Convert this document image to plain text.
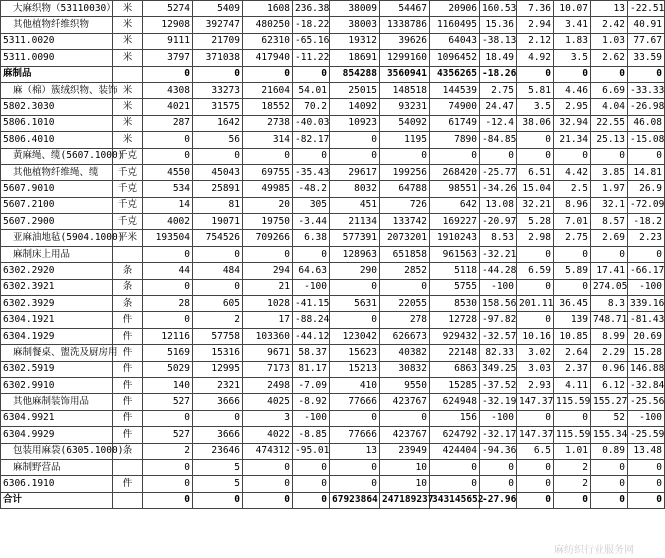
大麻织物（53110030）	米	5274	5409	1608	236.38	38009	54467	20906	160.53	7.36	10.07	13	-22.51
其他植物纤维织物	米	12908	392747	480250	-18.22	38003	1338786	1160495	15.36	2.94	3.41	2.42	40.91
5311.0020	米	9111	21709	62310	-65.16	19312	39626	64043	-38.13	2.12	1.83	1.03	77.67
5311.0090	米	3797	371038	417940	-11.22	18691	1299160	1096452	18.49	4.92	3.5	2.62	33.59
麻制品		0	0	0	0	854288	3560941	4356265	-18.26	0	0	0	0
麻（棉）簇绒织物、装饰	米	4308	33273	21604	54.01	25015	148518	144539	2.75	5.81	4.46	6.69	-33.33
5802.3030	米	4021	31575	18552	70.2	14092	93231	74900	24.47	3.5	2.95	4.04	-26.98
5806.1010	米	287	1642	2738	-40.03	10923	54092	61749	-12.4	38.06	32.94	22.55	46.08
5806.4010	米	0	56	314	-82.17	0	1195	7890	-84.85	0	21.34	25.13	-15.08
黄麻绳、缆(5607.1000)	千克	0	0	0	0	0	0	0	0	0	0	0	0
其他植物纤维绳、缆	千克	4550	45043	69755	-35.43	29617	199256	268420	-25.77	6.51	4.42	3.85	14.81
5607.9010	千克	534	25891	49985	-48.2	8032	64788	98551	-34.26	15.04	2.5	1.97	26.9
5607.2100	千克	14	81	20	305	451	726	642	13.08	32.21	8.96	32.1	-72.09
5607.2900	千克	4002	19071	19750	-3.44	21134	133742	169227	-20.97	5.28	7.01	8.57	-18.2
亚麻油地毡(5904.1000)	平米	193504	754526	709266	6.38	577391	2073201	1910243	8.53	2.98	2.75	2.69	2.23
麻制床上用品		0	0	0	0	128963	651858	961563	-32.21	0	0	0	0
6302.2920	条	44	484	294	64.63	290	2852	5118	-44.28	6.59	5.89	17.41	-66.17
6302.3921	条	0	0	21	-100	0	0	5755	-100	0	0	274.05	-100
6302.3929	条	28	605	1028	-41.15	5631	22055	8530	158.56	201.11	36.45	8.3	339.16
6304.1921	件	0	2	17	-88.24	0	278	12728	-97.82	0	139	748.71	-81.43
6304.1929	件	12116	57758	103360	-44.12	123042	626673	929432	-32.57	10.16	10.85	8.99	20.69
麻制餐桌、盥洗及厨房用	件	5169	15316	9671	58.37	15623	40382	22148	82.33	3.02	2.64	2.29	15.28
6302.5919	件	5029	12995	7173	81.17	15213	30832	6863	349.25	3.03	2.37	0.96	146.88
6302.9910	件	140	2321	2498	-7.09	410	9550	15285	-37.52	2.93	4.11	6.12	-32.84
其他麻制装饰用品	件	527	3666	4025	-8.92	77666	423767	624948	-32.19	147.37	115.59	155.27	-25.56
6304.9921	件	0	0	3	-100	0	0	156	-100	0	0	52	-100
6304.9929	件	527	3666	4022	-8.85	77666	423767	624792	-32.17	147.37	115.59	155.34	-25.59
包装用麻袋(6305.1000)	条	2	23646	474312	-95.01	13	23949	424404	-94.36	6.5	1.01	0.89	13.48
麻制野营品		0	5	0	0	0	10	0	0	0	2	0	0
6306.1910	件	0	5	0	0	0	10	0	0	0	2	0	0
合计		0	0	0	0	67923864	247189237	343145652	-27.96	0	0	0	0
麻纺织行业服务网
